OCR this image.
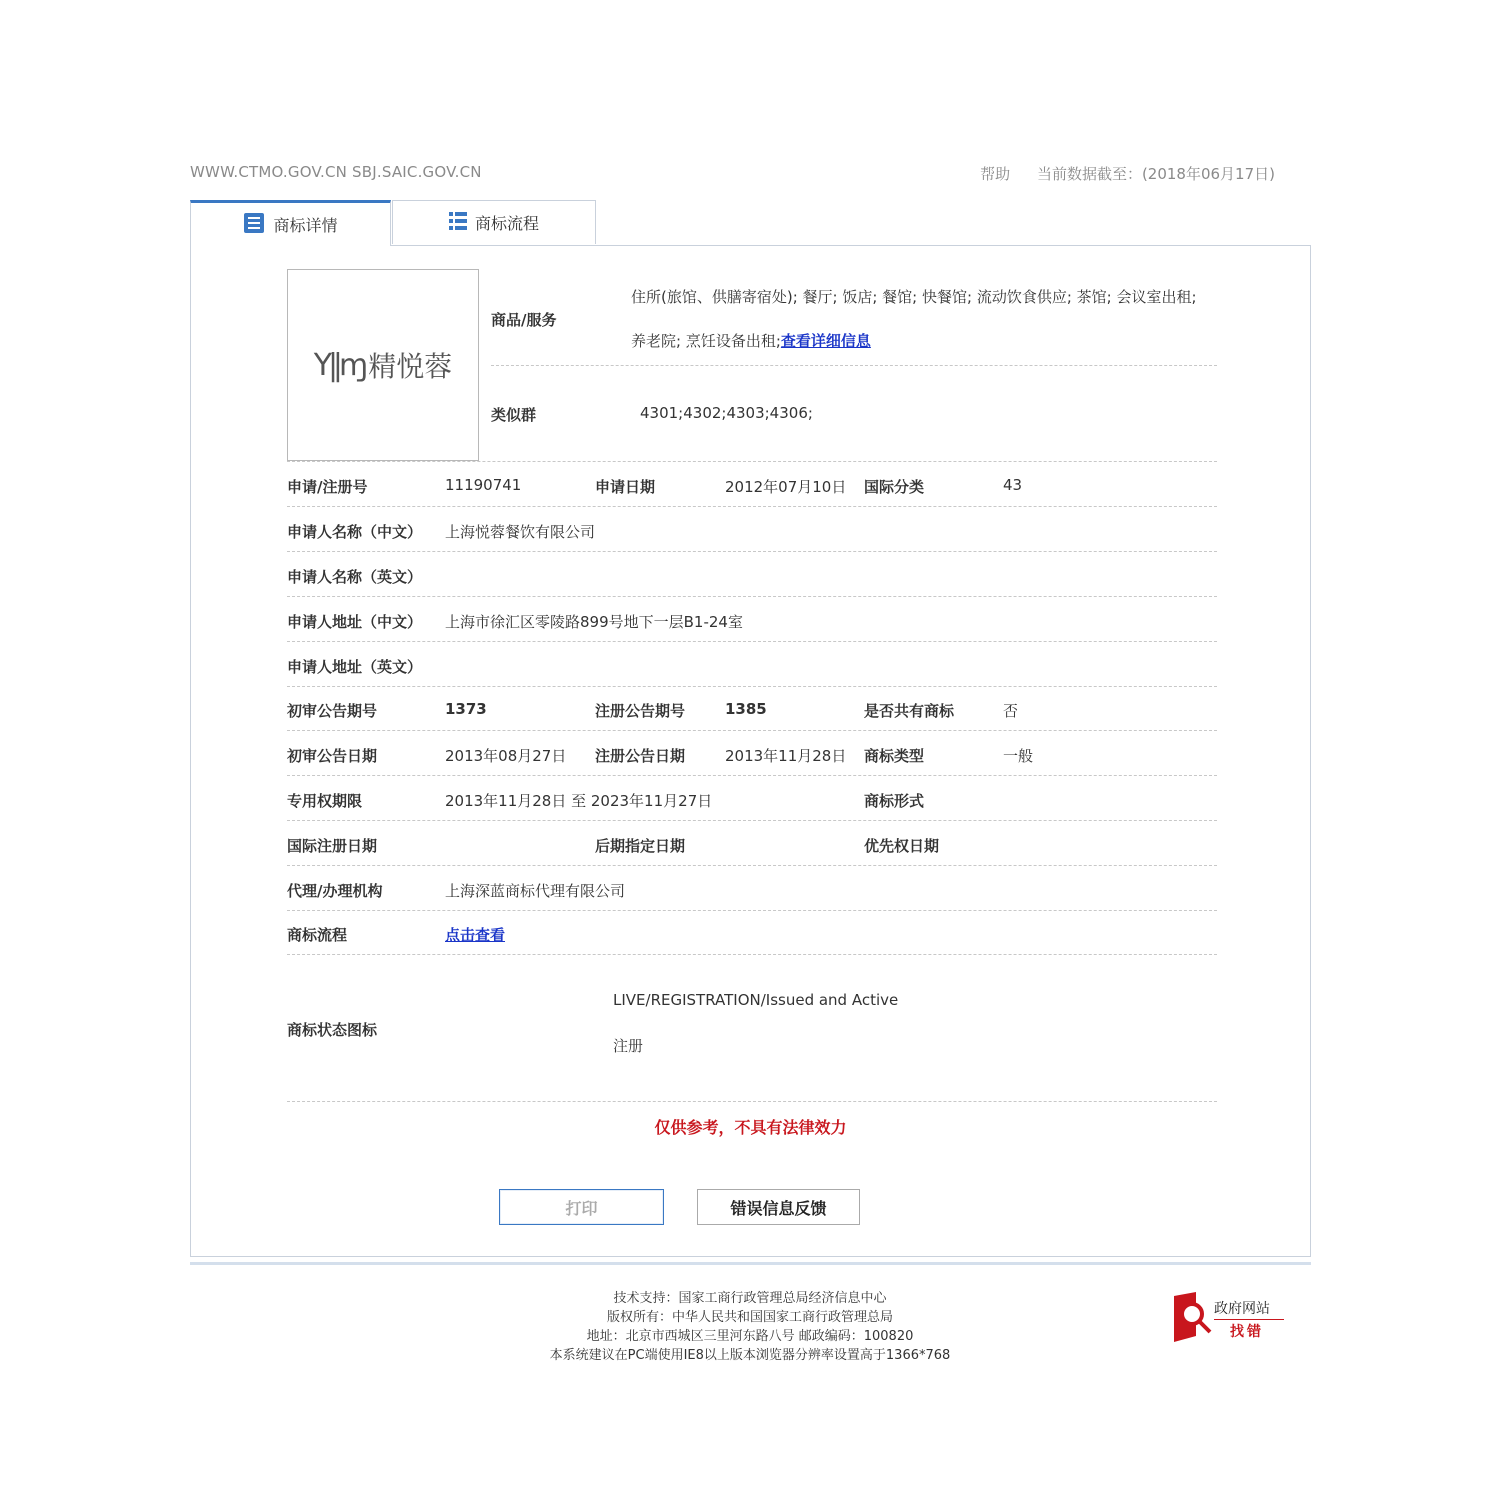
WWW.CTMO.GOV.CN SBJ.SAIC.GOV.CN	帮助 当前数据截至：(2018年06月17日)
商标详情	商标流程
Y‖ɱ 精悦蓉
商品/服务
住所(旅馆、供膳寄宿处); 餐厅; 饭店; 餐馆; 快餐馆; 流动饮食供应; 茶馆; 会议室出租;
养老院; 烹饪设备出租;查看详细信息
类似群	4301;4302;4303;4306;
申请/注册号	11190741	申请日期	2012年07月10日 国际分类	43
申请人名称（中文） 上海悦蓉餐饮有限公司
申请人名称（英文）
申请人地址（中文） 上海市徐汇区零陵路899号地下一层B1-24室
申请人地址（英文）
初审公告期号	1373	注册公告期号	1385	是否共有商标	否
初审公告日期	2013年08月27日 注册公告日期	2013年11月28日 商标类型	一般
专用权期限	2013年11月28日 至 2023年11月27日	商标形式
国际注册日期	后期指定日期	优先权日期
代理/办理机构	上海深蓝商标代理有限公司
商标流程	点击查看
商标状态图标
LIVE/REGISTRATION/Issued and Active
注册
仅供参考，不具有法律效力
打印	错误信息反馈
技术支持：国家工商行政管理总局经济信息中心
版权所有：中华人民共和国国家工商行政管理总局
地址：北京市西城区三里河东路八号 邮政编码：100820
本系统建议在PC端使用IE8以上版本浏览器分辨率设置高于1366*768
政府网站
找错
